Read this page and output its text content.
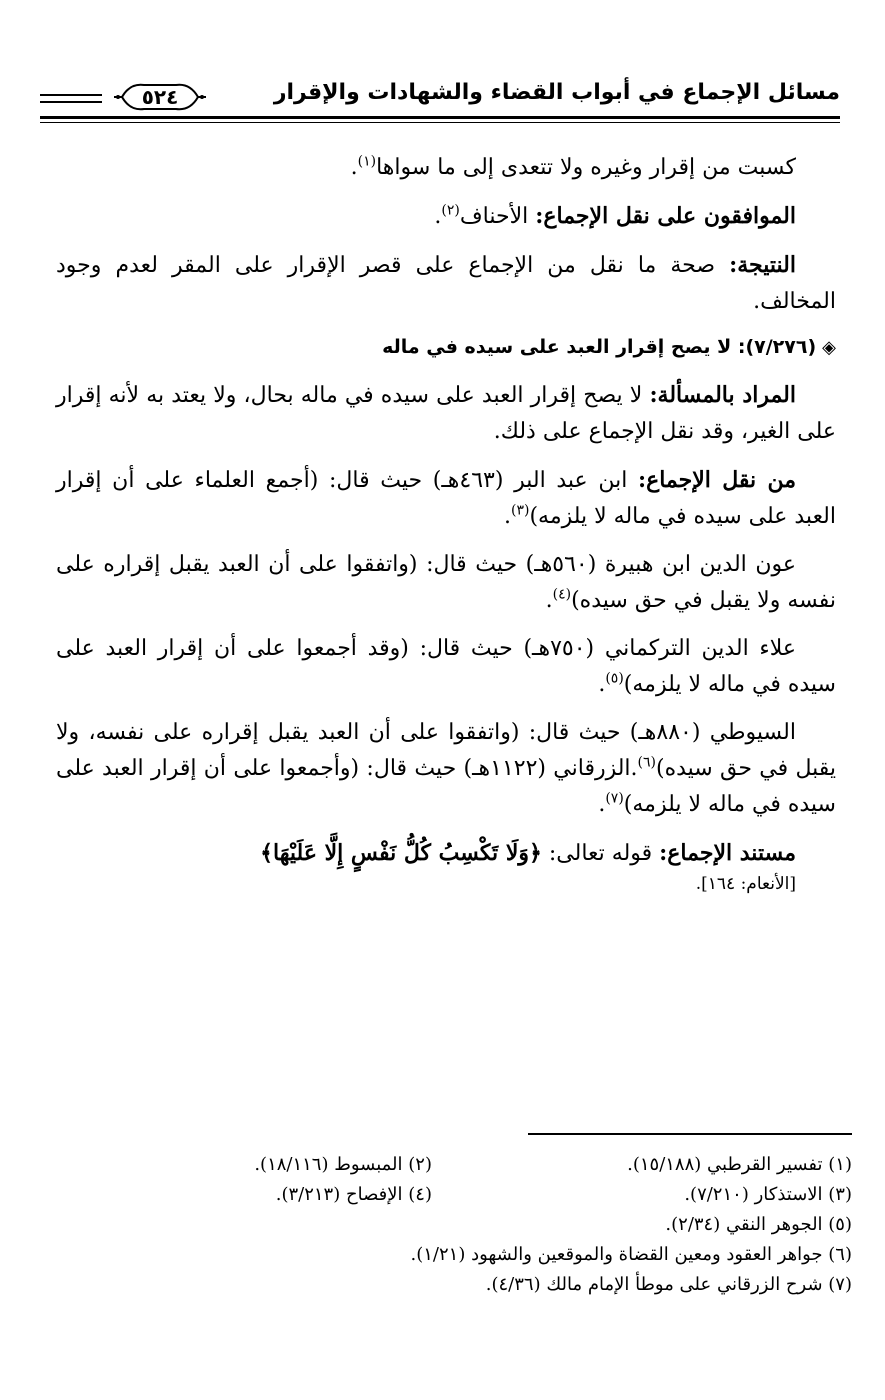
مسائل الإجماع في أبواب القضاء والشهادات والإقرار
٥٢٤

كسبت من إقرار وغيره ولا تتعدى إلى ما سواها$^{(١)}$.

الموافقون على نقل الإجماع: الأحناف$^{(٢)}$.

النتيجة: صحة ما نقل من الإجماع على قصر الإقرار على المقر لعدم وجود المخالف.

◈(٧/٢٧٦): لا يصح إقرار العبد على سيده في ماله

المراد بالمسألة: لا يصح إقرار العبد على سيده في ماله بحال، ولا يعتد به لأنه إقرار على الغير، وقد نقل الإجماع على ذلك.

من نقل الإجماع: ابن عبد البر (٤٦٣هـ) حيث قال: (أجمع العلماء على أن إقرار العبد على سيده في ماله لا يلزمه)$^{(٣)}$.

عون الدين ابن هبيرة (٥٦٠هـ) حيث قال: (واتفقوا على أن العبد يقبل إقراره على نفسه ولا يقبل في حق سيده)$^{(٤)}$.

علاء الدين التركماني (٧٥٠هـ) حيث قال: (وقد أجمعوا على أن إقرار العبد على سيده في ماله لا يلزمه)$^{(٥)}$.

السيوطي (٨٨٠هـ) حيث قال: (واتفقوا على أن العبد يقبل إقراره على نفسه، ولا يقبل في حق سيده)$^{(٦)}$.الزرقاني (١١٢٢هـ) حيث قال: (وأجمعوا على أن إقرار العبد على سيده في ماله لا يلزمه)$^{(٧)}$.

مستند الإجماع: قوله تعالى: ﴿وَلَا تَكْسِبُ كُلُّ نَفْسٍ إِلَّا عَلَيْهَا﴾
[الأنعام: ١٦٤].

(١) تفسير القرطبي (١٥/١٨٨).
(٢) المبسوط (١٨/١١٦).
(٣) الاستذكار (٧/٢١٠).
(٤) الإفصاح (٣/٢١٣).
(٥) الجوهر النقي (٢/٣٤).
(٦) جواهر العقود ومعين القضاة والموقعين والشهود (١/٢١).
(٧) شرح الزرقاني على موطأ الإمام مالك (٤/٣٦).
